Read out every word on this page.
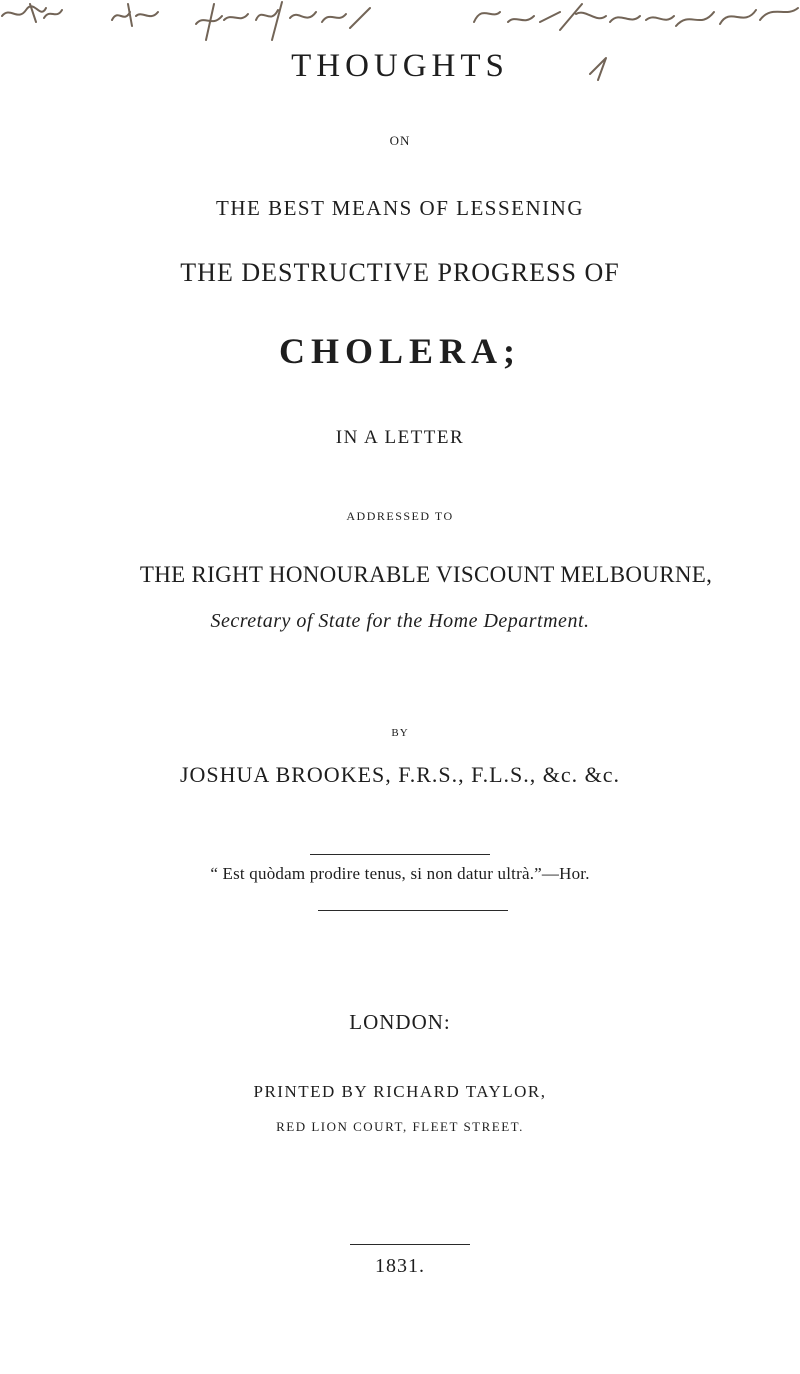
THOUGHTS
ON
THE BEST MEANS OF LESSENING
THE DESTRUCTIVE PROGRESS OF
CHOLERA;
IN A LETTER
ADDRESSED TO
THE RIGHT HONOURABLE VISCOUNT MELBOURNE,
Secretary of State for the Home Department.
BY
JOSHUA BROOKES, F.R.S., F.L.S., &c. &c.
“ Est quòdam prodire tenus, si non datur ultrà.”—Hor.
LONDON:
PRINTED BY RICHARD TAYLOR,
RED LION COURT, FLEET STREET.
1831.
